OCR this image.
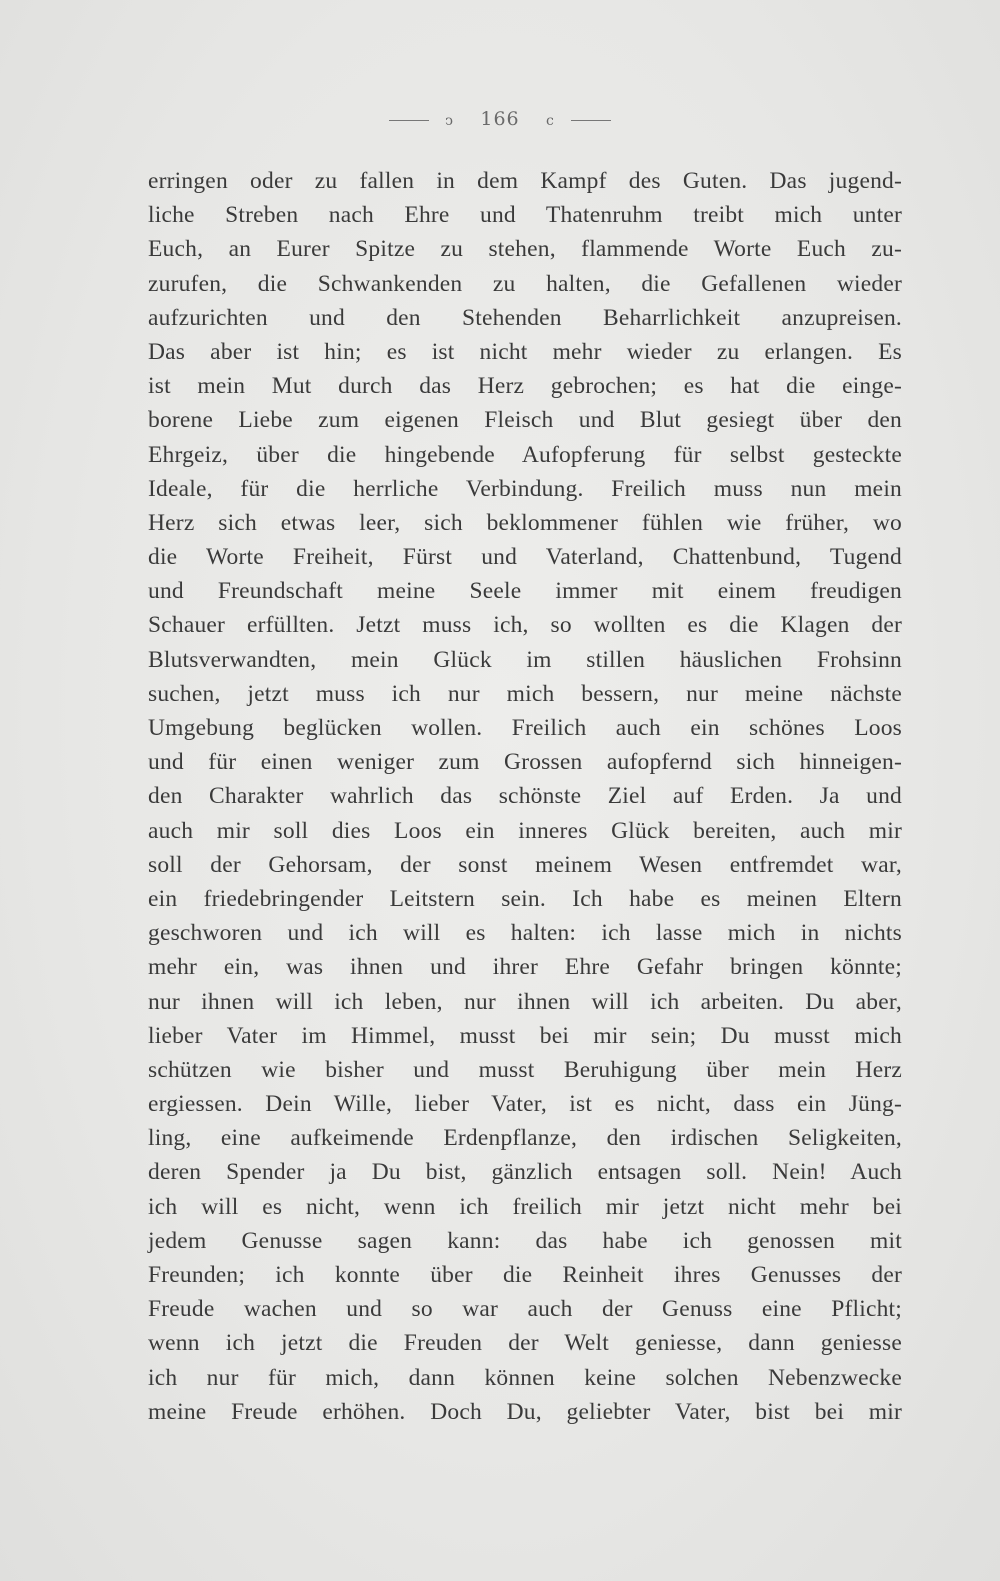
ↄ 166 c
erringen oder zu fallen in dem Kampf des Guten. Das jugend-
liche Streben nach Ehre und Thatenruhm treibt mich unter
Euch, an Eurer Spitze zu stehen, flammende Worte Euch zu-
zurufen, die Schwankenden zu halten, die Gefallenen wieder
aufzurichten und den Stehenden Beharrlichkeit anzupreisen.
Das aber ist hin; es ist nicht mehr wieder zu erlangen. Es
ist mein Mut durch das Herz gebrochen; es hat die einge-
borene Liebe zum eigenen Fleisch und Blut gesiegt über den
Ehrgeiz, über die hingebende Aufopferung für selbst gesteckte
Ideale, für die herrliche Verbindung. Freilich muss nun mein
Herz sich etwas leer, sich beklommener fühlen wie früher, wo
die Worte Freiheit, Fürst und Vaterland, Chattenbund, Tugend
und Freundschaft meine Seele immer mit einem freudigen
Schauer erfüllten. Jetzt muss ich, so wollten es die Klagen der
Blutsverwandten, mein Glück im stillen häuslichen Frohsinn
suchen, jetzt muss ich nur mich bessern, nur meine nächste
Umgebung beglücken wollen. Freilich auch ein schönes Loos
und für einen weniger zum Grossen aufopfernd sich hinneigen-
den Charakter wahrlich das schönste Ziel auf Erden. Ja und
auch mir soll dies Loos ein inneres Glück bereiten, auch mir
soll der Gehorsam, der sonst meinem Wesen entfremdet war,
ein friedebringender Leitstern sein. Ich habe es meinen Eltern
geschworen und ich will es halten: ich lasse mich in nichts
mehr ein, was ihnen und ihrer Ehre Gefahr bringen könnte;
nur ihnen will ich leben, nur ihnen will ich arbeiten. Du aber,
lieber Vater im Himmel, musst bei mir sein; Du musst mich
schützen wie bisher und musst Beruhigung über mein Herz
ergiessen. Dein Wille, lieber Vater, ist es nicht, dass ein Jüng-
ling, eine aufkeimende Erdenpflanze, den irdischen Seligkeiten,
deren Spender ja Du bist, gänzlich entsagen soll. Nein! Auch
ich will es nicht, wenn ich freilich mir jetzt nicht mehr bei
jedem Genusse sagen kann: das habe ich genossen mit
Freunden; ich konnte über die Reinheit ihres Genusses der
Freude wachen und so war auch der Genuss eine Pflicht;
wenn ich jetzt die Freuden der Welt geniesse, dann geniesse
ich nur für mich, dann können keine solchen Nebenzwecke
meine Freude erhöhen. Doch Du, geliebter Vater, bist bei mir
